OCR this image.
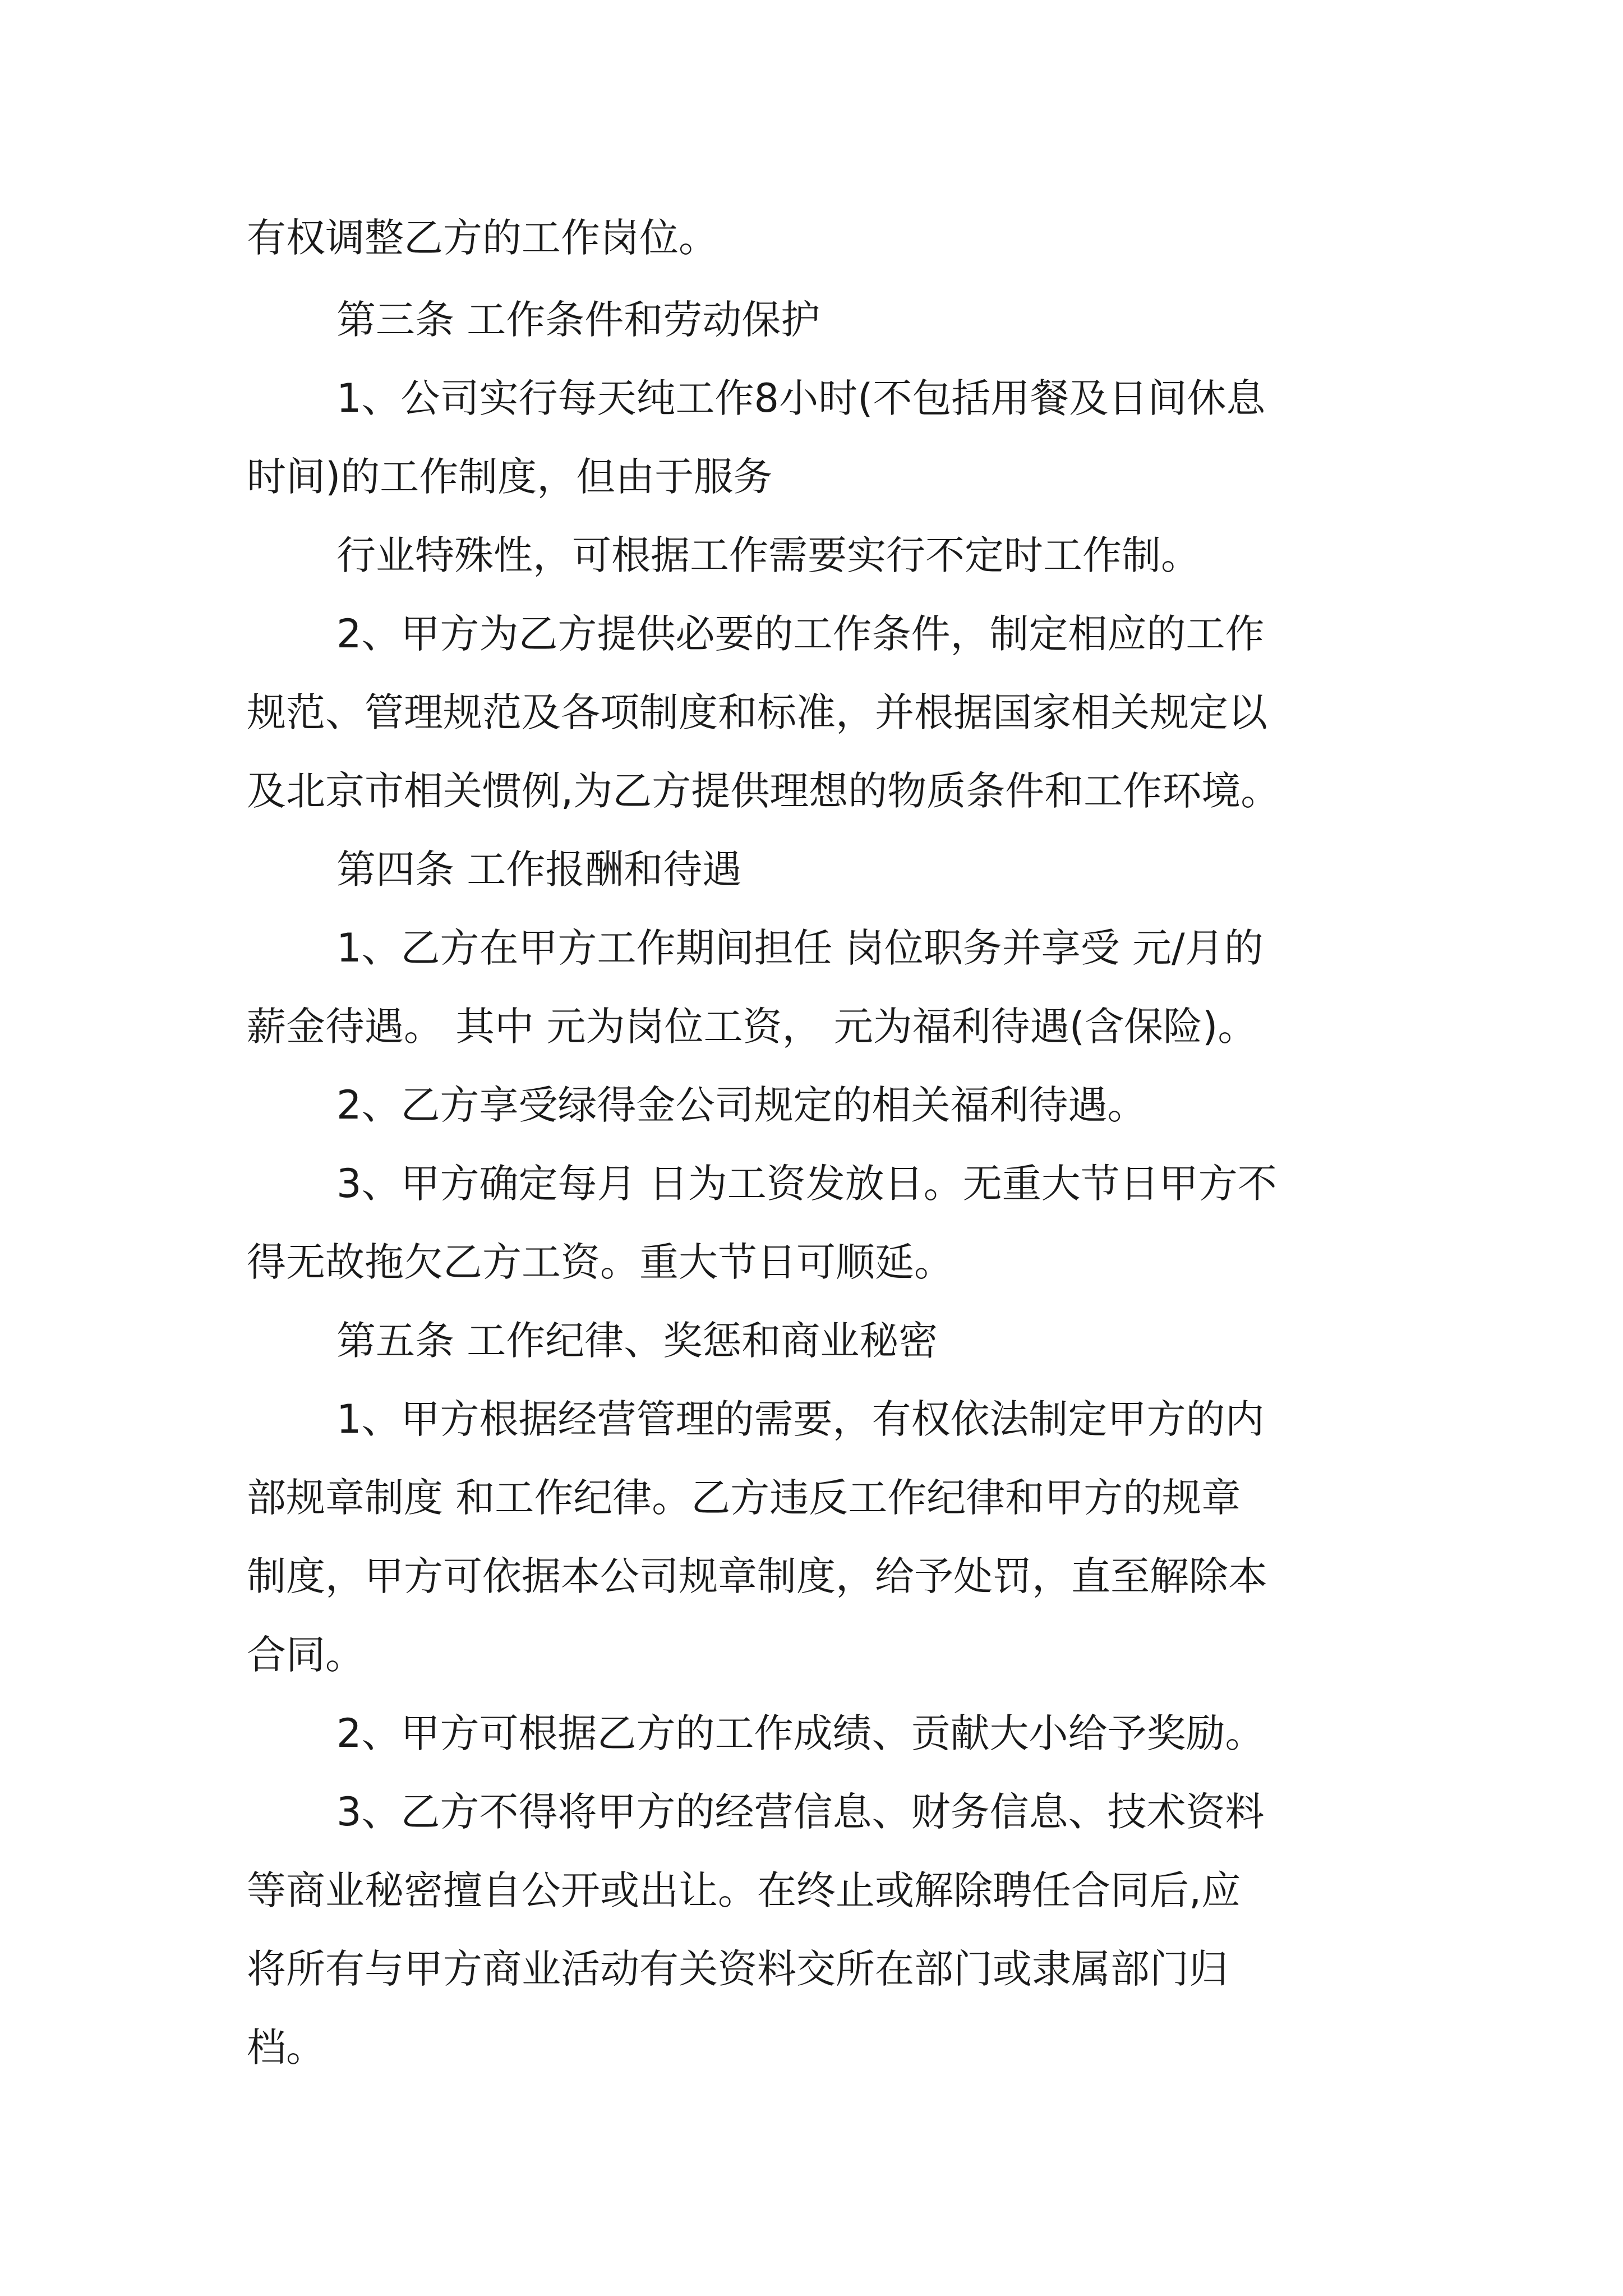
有权调整乙方的工作岗位。

第三条 工作条件和劳动保护

1、公司实行每天纯工作8小时(不包括用餐及日间休息

时间)的工作制度，但由于服务

行业特殊性，可根据工作需要实行不定时工作制。

2、甲方为乙方提供必要的工作条件，制定相应的工作

规范、管理规范及各项制度和标准，并根据国家相关规定以

及北京市相关惯例,为乙方提供理想的物质条件和工作环境。

第四条 工作报酬和待遇

1、乙方在甲方工作期间担任 岗位职务并享受 元/月的

薪金待遇。 其中 元为岗位工资， 元为福利待遇(含保险)。

2、乙方享受绿得金公司规定的相关福利待遇。

3、甲方确定每月 日为工资发放日。无重大节日甲方不

得无故拖欠乙方工资。重大节日可顺延。

第五条 工作纪律、奖惩和商业秘密

1、甲方根据经营管理的需要，有权依法制定甲方的内

部规章制度 和工作纪律。乙方违反工作纪律和甲方的规章

制度，甲方可依据本公司规章制度，给予处罚，直至解除本

合同。

2、甲方可根据乙方的工作成绩、贡献大小给予奖励。

3、乙方不得将甲方的经营信息、财务信息、技术资料

等商业秘密擅自公开或出让。在终止或解除聘任合同后,应

将所有与甲方商业活动有关资料交所在部门或隶属部门归

档。
